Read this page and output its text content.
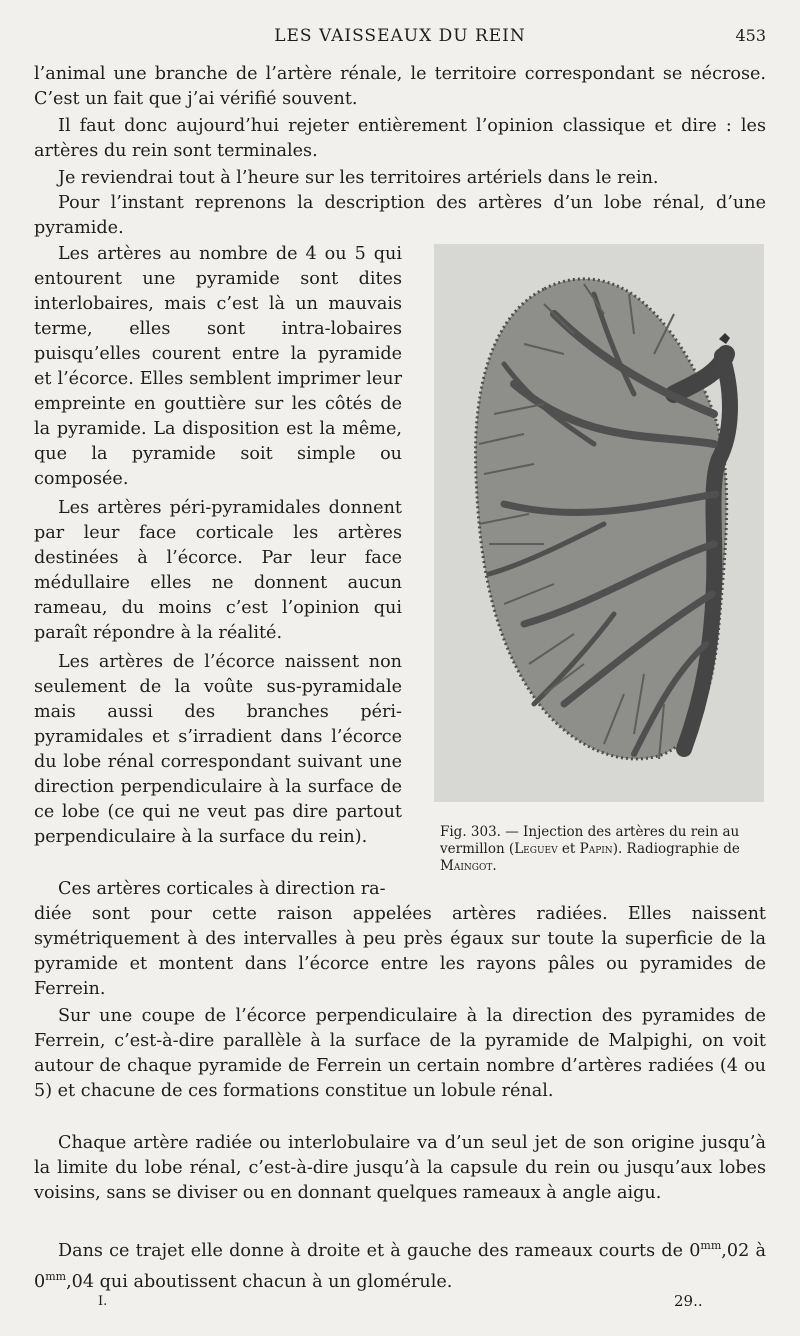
LES VAISSEAUX DU REIN	453

l’animal une branche de l’artère rénale, le territoire correspondant se nécrose. C’est un fait que j’ai vérifié souvent.

Il faut donc aujourd’hui rejeter entièrement l’opinion classique et dire : les artères du rein sont terminales.

Je reviendrai tout à l’heure sur les territoires artériels dans le rein.

Pour l’instant reprenons la description des artères d’un lobe rénal, d’une pyramide.

Les artères au nombre de 4 ou 5 qui entourent une pyramide sont dites interlobaires, mais c’est là un mauvais terme, elles sont intra-lobaires puisqu’elles courent entre la pyramide et l’écorce. Elles semblent imprimer leur empreinte en gouttière sur les côtés de la pyramide. La disposition est la même, que la pyramide soit simple ou composée.

Les artères péri-pyramidales donnent par leur face corticale les artères destinées à l’écorce. Par leur face médullaire elles ne donnent aucun rameau, du moins c’est l’opinion qui paraît répondre à la réalité.

Les artères de l’écorce naissent non seulement de la voûte sus-pyramidale mais aussi des branches péri-pyramidales et s’irradient dans l’écorce du lobe rénal correspondant suivant une direction perpendiculaire à la surface de ce lobe (ce qui ne veut pas dire partout perpendiculaire à la surface du rein).

Ces artères corticales à direction ra-

Fig. 303. — Injection des artères du rein au vermillon (Leguev et Papin). Radiographie de Maingot.

diée sont pour cette raison appelées artères radiées. Elles naissent symétriquement à des intervalles à peu près égaux sur toute la superficie de la pyramide et montent dans l’écorce entre les rayons pâles ou pyramides de Ferrein.

Sur une coupe de l’écorce perpendiculaire à la direction des pyramides de Ferrein, c’est-à-dire parallèle à la surface de la pyramide de Malpighi, on voit autour de chaque pyramide de Ferrein un certain nombre d’artères radiées (4 ou 5) et chacune de ces formations constitue un lobule rénal.

Chaque artère radiée ou interlobulaire va d’un seul jet de son origine jusqu’à la limite du lobe rénal, c’est-à-dire jusqu’à la capsule du rein ou jusqu’aux lobes voisins, sans se diviser ou en donnant quelques rameaux à angle aigu.

Dans ce trajet elle donne à droite et à gauche des rameaux courts de $0^{mm},02$ à $0^{mm},04$ qui aboutissent chacun à un glomérule.

I.	29..
